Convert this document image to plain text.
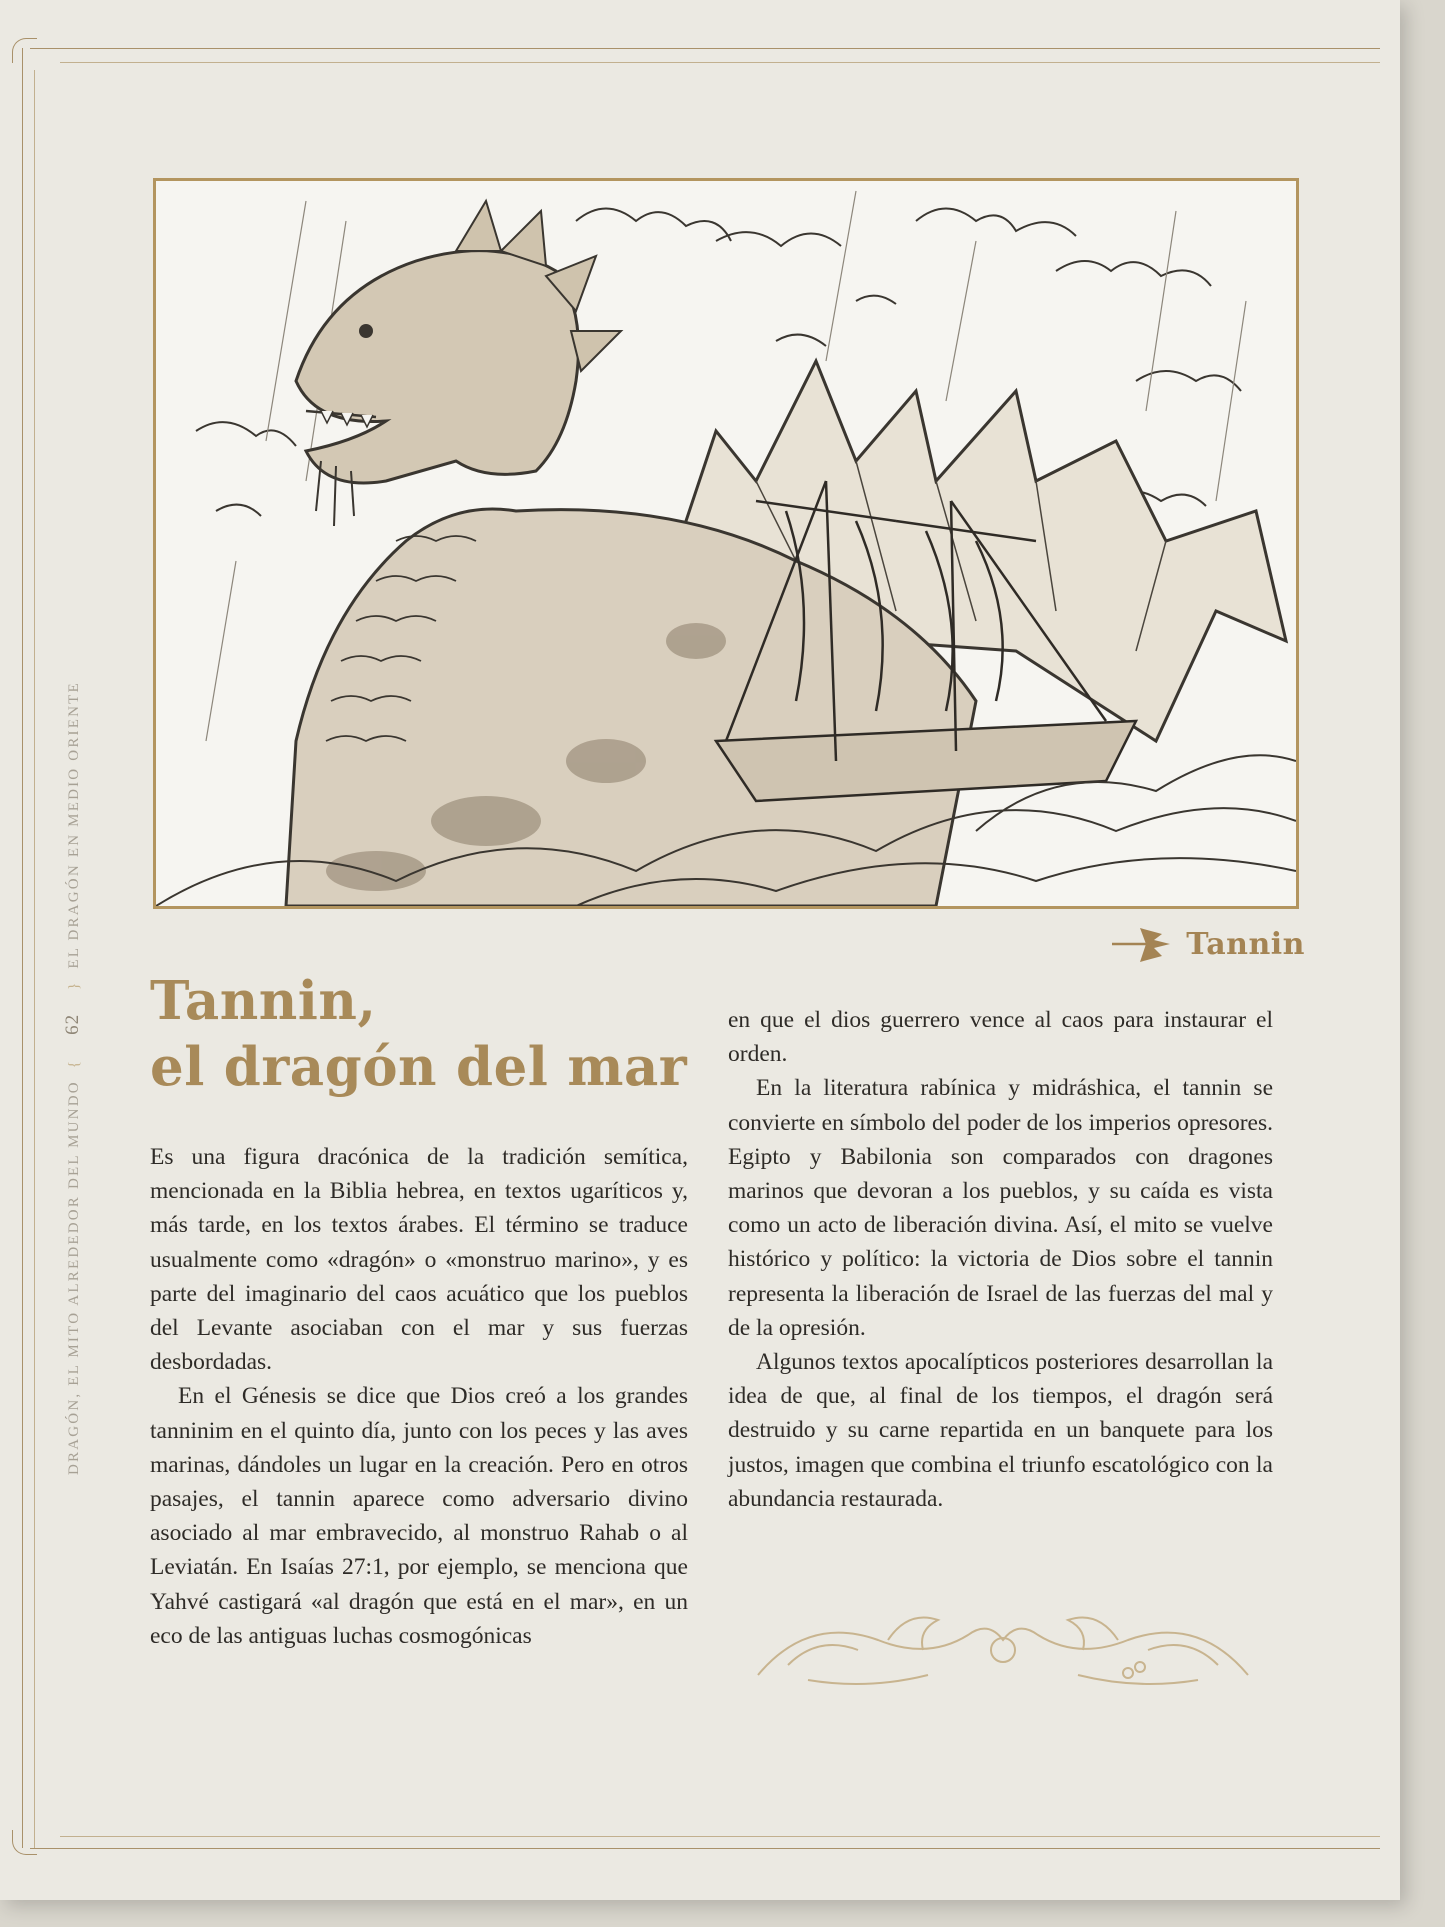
DRAGÓN, EL MITO ALREDEDOR DEL MUNDO { 62 } EL DRAGÓN EN MEDIO ORIENTE	Tannin
Tannin,
el dragón del mar

Es una figura dracónica de la tradición semítica, mencionada en la Biblia hebrea, en textos ugaríticos y, más tarde, en los textos árabes. El término se traduce usualmente como «dragón» o «monstruo marino», y es parte del imaginario del caos acuático que los pueblos del Levante asociaban con el mar y sus fuerzas desbordadas.

En el Génesis se dice que Dios creó a los grandes tanninim en el quinto día, junto con los peces y las aves marinas, dándoles un lugar en la creación. Pero en otros pasajes, el tannin aparece como adversario divino asociado al mar embravecido, al monstruo Rahab o al Leviatán. En Isaías 27:1, por ejemplo, se menciona que Yahvé castigará «al dragón que está en el mar», en un eco de las antiguas luchas cosmogónicas

en que el dios guerrero vence al caos para instaurar el orden.

En la literatura rabínica y midráshica, el tannin se convierte en símbolo del poder de los imperios opresores. Egipto y Babilonia son comparados con dragones marinos que devoran a los pueblos, y su caída es vista como un acto de liberación divina. Así, el mito se vuelve histórico y político: la victoria de Dios sobre el tannin representa la liberación de Israel de las fuerzas del mal y de la opresión.

Algunos textos apocalípticos posteriores desarrollan la idea de que, al final de los tiempos, el dragón será destruido y su carne repartida en un banquete para los justos, imagen que combina el triunfo escatológico con la abundancia restaurada.
